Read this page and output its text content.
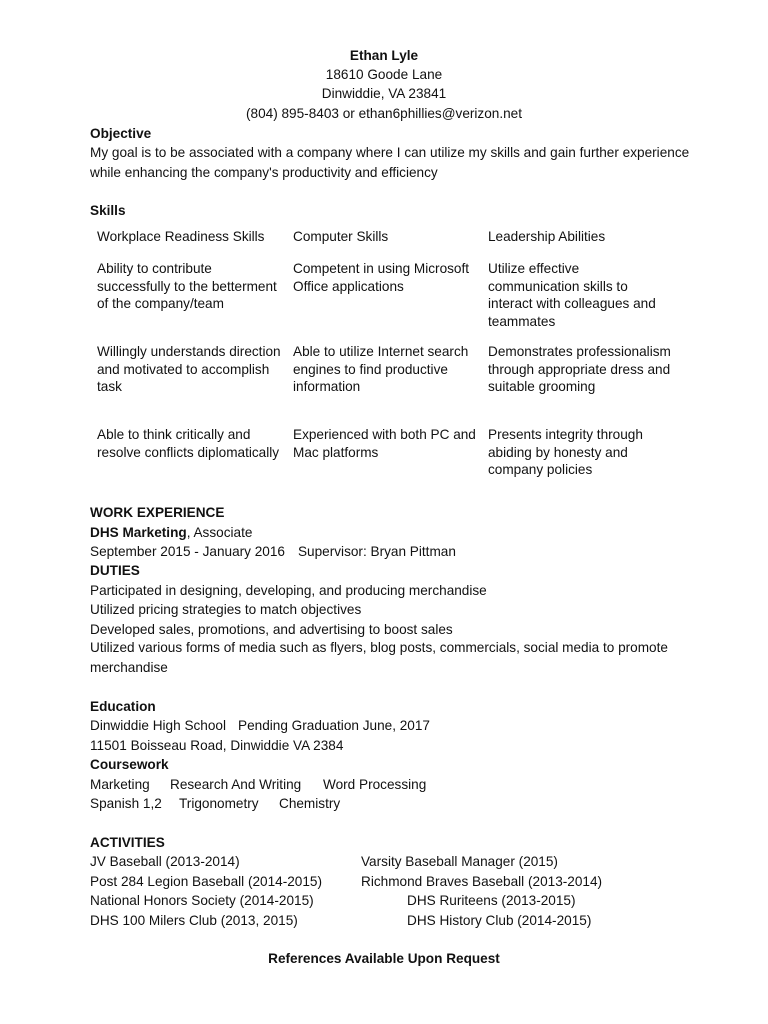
Ethan Lyle
18610 Goode Lane
Dinwiddie, VA 23841
(804) 895-8403 or ethan6phillies@verizon.net
Objective
My goal is to be associated with a company where I can utilize my skills and gain further experience while enhancing the company's productivity and efficiency
Skills
Workplace Readiness Skills Computer Skills	Leadership Abilities
Ability to contribute successfully to the betterment of the company/team
Competent in using Microsoft Office applications
Utilize effective communication skills to interact with colleagues and teammates
Willingly understands direction and motivated to accomplish task
Able to utilize Internet search engines to find productive information
Demonstrates professionalism through appropriate dress and suitable grooming
Able to think critically and resolve conflicts diplomatically
Experienced with both PC and Mac platforms
Presents integrity through abiding by honesty and company policies
WORK EXPERIENCE
DHS Marketing, Associate
September 2015 - January 2016 Supervisor: Bryan Pittman
DUTIES
Participated in designing, developing, and producing merchandise
Utilized pricing strategies to match objectives
Developed sales, promotions, and advertising to boost sales
Utilized various forms of media such as flyers, blog posts, commercials, social media to promote merchandise
Education
Dinwiddie High School Pending Graduation June, 2017
11501 Boisseau Road, Dinwiddie VA 2384
Coursework
Marketing Research And Writing Word Processing
Spanish 1,2 Trigonometry Chemistry
ACTIVITIES
JV Baseball (2013-2014)
Post 284 Legion Baseball (2014-2015)
National Honors Society (2014-2015)
DHS 100 Milers Club (2013, 2015)
Varsity Baseball Manager (2015)
Richmond Braves Baseball (2013-2014)
DHS Ruriteens (2013-2015)
DHS History Club (2014-2015)
References Available Upon Request
